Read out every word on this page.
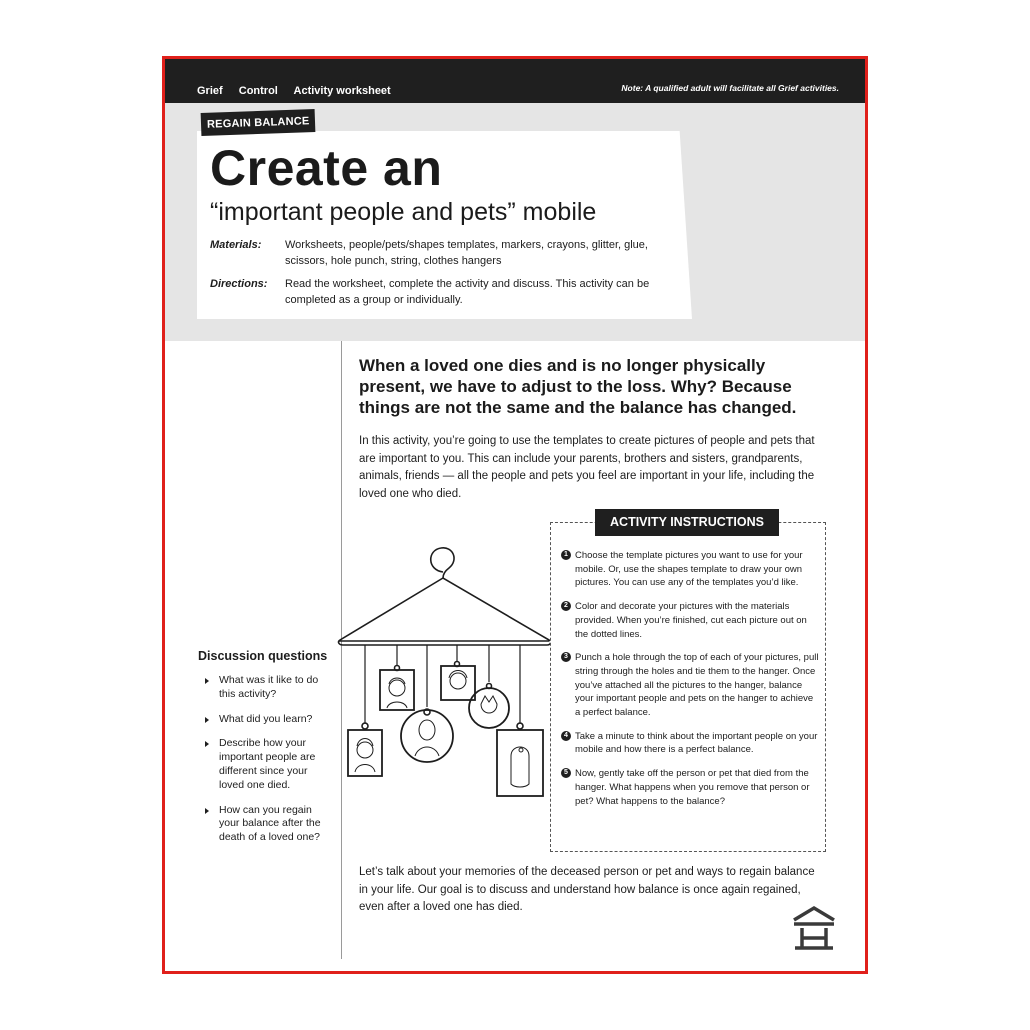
Grief Control Activity worksheet	Note: A qualified adult will facilitate all Grief activities.
REGAIN BALANCE
Create an
“important people and pets” mobile
Materials: Worksheets, people/pets/shapes templates, markers, crayons, glitter, glue, scissors, hole punch, string, clothes hangers
Directions: Read the worksheet, complete the activity and discuss. This activity can be completed as a group or individually.
When a loved one dies and is no longer physically present, we have to adjust to the loss. Why? Because things are not the same and the balance has changed.
In this activity, you’re going to use the templates to create pictures of people and pets that are important to you. This can include your parents, brothers and sisters, grandparents, animals, friends — all the people and pets you feel are important in your life, including the loved one who died.
ACTIVITY INSTRUCTIONS
1 Choose the template pictures you want to use for your mobile. Or, use the shapes template to draw your own pictures. You can use any of the templates you’d like.
2 Color and decorate your pictures with the materials provided. When you’re finished, cut each picture out on the dotted lines.
3 Punch a hole through the top of each of your pictures, pull string through the holes and tie them to the hanger. Once you’ve attached all the pictures to the hanger, balance your important people and pets on the hanger to achieve a perfect balance.
4 Take a minute to think about the important people on your mobile and how there is a perfect balance.
5 Now, gently take off the person or pet that died from the hanger. What happens when you remove that person or pet? What happens to the balance?
Discussion questions
What was it like to do this activity?
What did you learn?
Describe how your important people are different since your loved one died.
How can you regain your balance after the death of a loved one?
Let’s talk about your memories of the deceased person or pet and ways to regain balance in your life. Our goal is to discuss and understand how balance is once again regained, even after a loved one has died.
